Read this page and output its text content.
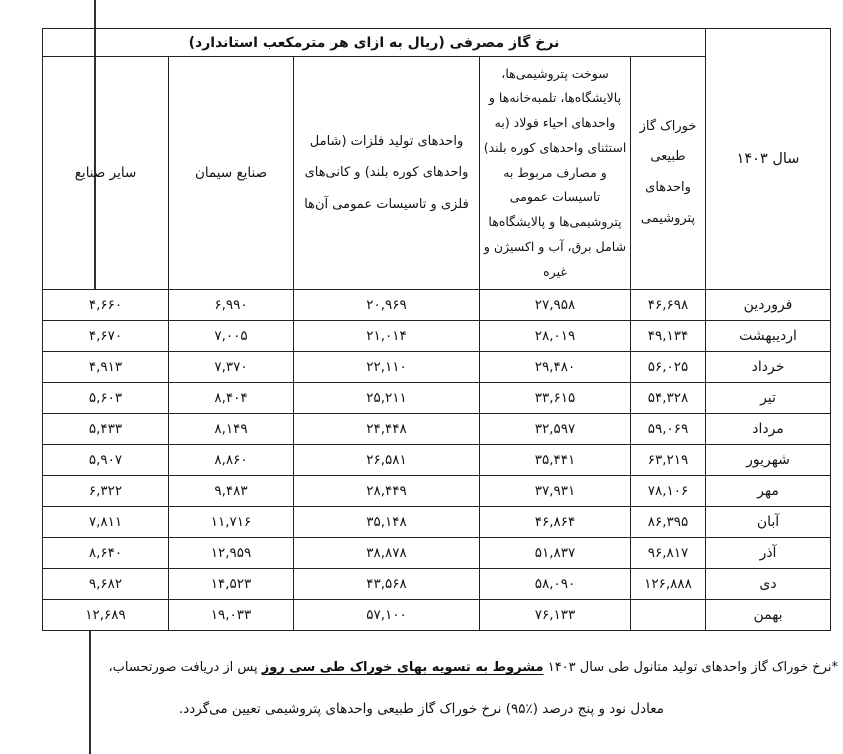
سال ۱۴۰۳	نرخ گاز مصرفی (ریال به ازای هر مترمکعب استاندارد)				
	خوراک گاز طبیعی واحدهای پتروشیمی	سوخت پتروشیمی‌ها، پالایشگاه‌ها، تلمبه‌خانه‌ها و واحدهای احیاء فولاد (به استثنای واحدهای کوره بلند) و مصارف مربوط به تاسیسات عمومی پتروشیمی‌ها و پالایشگاه‌ها شامل برق، آب و اکسیژن و غیره	واحدهای تولید فلزات (شامل واحدهای کوره بلند) و کانی‌های فلزی و تاسیسات عمومی آن‌ها	صنایع سیمان	سایر صنایع
فروردین	۴۶,۶۹۸	۲۷,۹۵۸	۲۰,۹۶۹	۶,۹۹۰	۴,۶۶۰
اردیبهشت	۴۹,۱۳۴	۲۸,۰۱۹	۲۱,۰۱۴	۷,۰۰۵	۴,۶۷۰
خرداد	۵۶,۰۲۵	۲۹,۴۸۰	۲۲,۱۱۰	۷,۳۷۰	۴,۹۱۳
تیر	۵۴,۳۲۸	۳۳,۶۱۵	۲۵,۲۱۱	۸,۴۰۴	۵,۶۰۳
مرداد	۵۹,۰۶۹	۳۲,۵۹۷	۲۴,۴۴۸	۸,۱۴۹	۵,۴۳۳
شهریور	۶۳,۲۱۹	۳۵,۴۴۱	۲۶,۵۸۱	۸,۸۶۰	۵,۹۰۷
مهر	۷۸,۱۰۶	۳۷,۹۳۱	۲۸,۴۴۹	۹,۴۸۳	۶,۳۲۲
آبان	۸۶,۳۹۵	۴۶,۸۶۴	۳۵,۱۴۸	۱۱,۷۱۶	۷,۸۱۱
آذر	۹۶,۸۱۷	۵۱,۸۳۷	۳۸,۸۷۸	۱۲,۹۵۹	۸,۶۴۰
دی	۱۲۶,۸۸۸	۵۸,۰۹۰	۴۳,۵۶۸	۱۴,۵۲۳	۹,۶۸۲
بهمن		۷۶,۱۳۳	۵۷,۱۰۰	۱۹,۰۳۳	۱۲,۶۸۹

*نرخ خوراک گاز واحدهای تولید متانول طی سال ۱۴۰۳ مشروط به تسویه بهای خوراک طی سی روز پس از دریافت صورتحساب،

معادل نود و پنج درصد (٪۹۵) نرخ خوراک گاز طبیعی واحدهای پتروشیمی تعیین می‌گردد.
